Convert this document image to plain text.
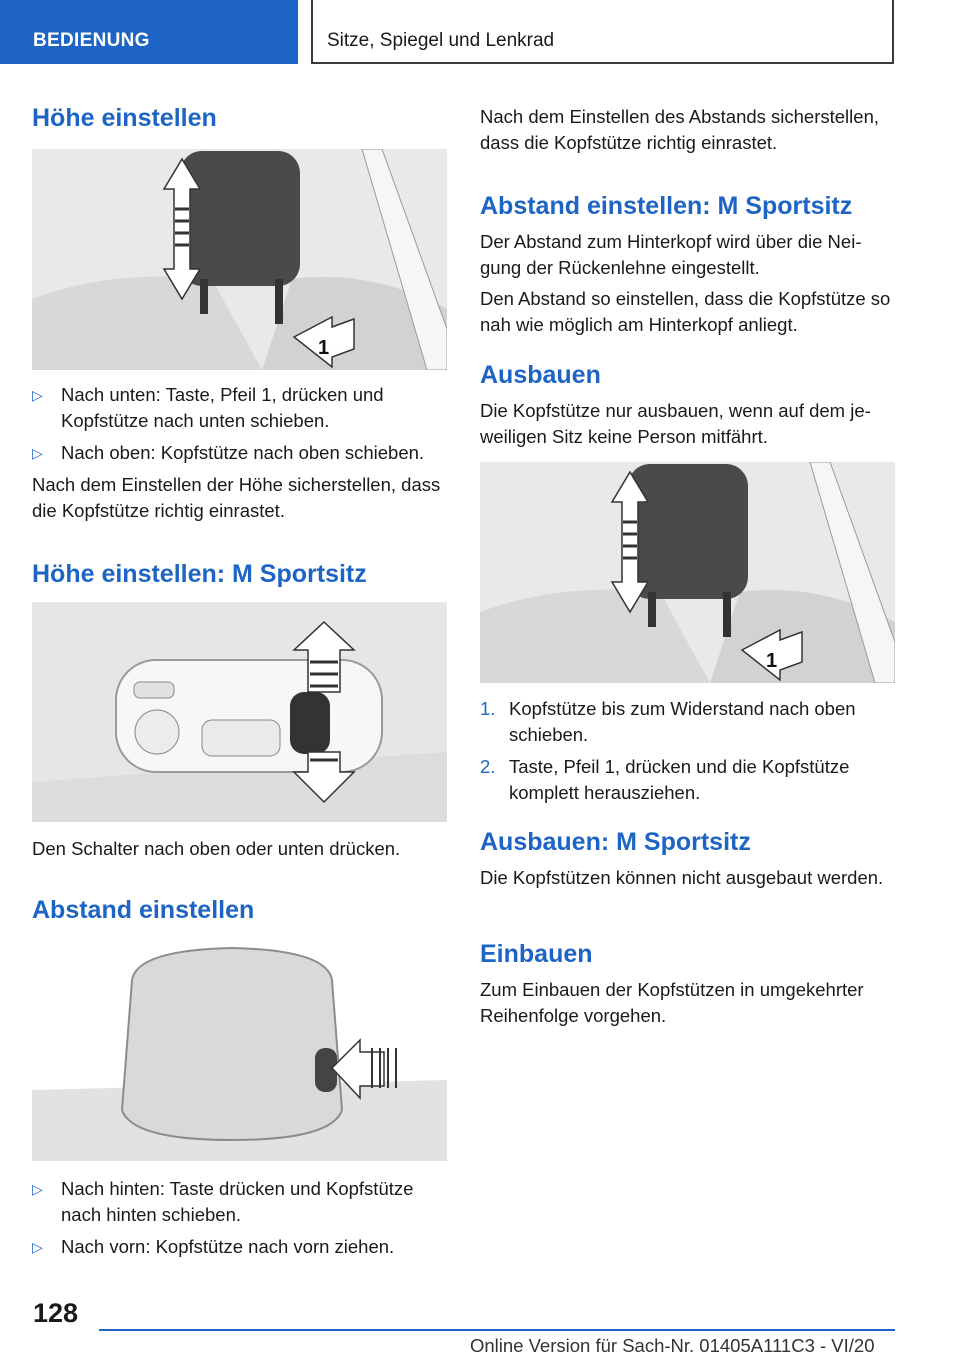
BEDIENUNG	Sitze, Spiegel und Lenkrad
Höhe einstellen
1
▷ Nach unten: Taste, Pfeil 1, drücken und Kopfstütze nach unten schieben.
▷ Nach oben: Kopfstütze nach oben schieben.

Nach dem Einstellen der Höhe sicherstellen, dass die Kopfstütze richtig einrastet.

Höhe einstellen: M Sportsitz

Den Schalter nach oben oder unten drücken.

Abstand einstellen
▷ Nach hinten: Taste drücken und Kopfstütze nach hinten schieben.
▷ Nach vorn: Kopfstütze nach vorn ziehen.

Nach dem Einstellen des Abstands sicherstellen, dass die Kopfstütze richtig einrastet.

Abstand einstellen: M Sportsitz

Der Abstand zum Hinterkopf wird über die Neigung der Rückenlehne eingestellt.

Den Abstand so einstellen, dass die Kopfstütze so nah wie möglich am Hinterkopf anliegt.

Ausbauen

Die Kopfstütze nur ausbauen, wenn auf dem jeweiligen Sitz keine Person mitfährt.

1
1. Kopfstütze bis zum Widerstand nach oben schieben.
2. Taste, Pfeil 1, drücken und die Kopfstütze komplett herausziehen.
Ausbauen: M Sportsitz

Die Kopfstützen können nicht ausgebaut werden.

Einbauen

Zum Einbauen der Kopfstützen in umgekehrter Reihenfolge vorgehen.

128
Online Version für Sach-Nr. 01405A111C3 - VI/20
